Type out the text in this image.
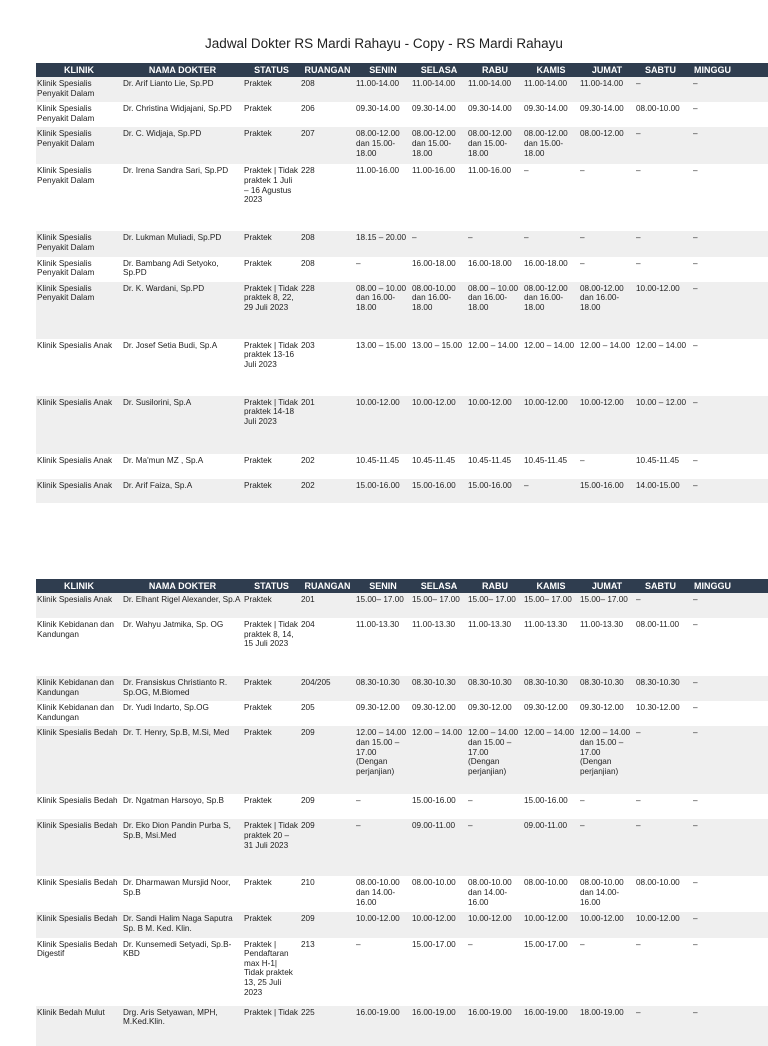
Jadwal Dokter RS Mardi Rahayu - Copy - RS Mardi Rahayu
KLINIK	NAMA DOKTER	STATUS	RUANGAN	SENIN	SELASA	RABU	KAMIS	JUMAT	SABTU	MINGGU
Klinik Spesialis Penyakit Dalam	Dr. Arif Lianto Lie, Sp.PD	Praktek	208	11.00-14.00	11.00-14.00	11.00-14.00	11.00-14.00	11.00-14.00	–	–
Klinik Spesialis Penyakit Dalam	Dr. Christina Widjajani, Sp.PD	Praktek	206	09.30-14.00	09.30-14.00	09.30-14.00	09.30-14.00	09.30-14.00	08.00-10.00	–
Klinik Spesialis Penyakit Dalam	Dr. C. Widjaja, Sp.PD	Praktek	207	08.00-12.00 dan 15.00-18.00	08.00-12.00 dan 15.00-18.00	08.00-12.00 dan 15.00-18.00	08.00-12.00 dan 15.00-18.00	08.00-12.00	–	–
Klinik Spesialis Penyakit Dalam	Dr. Irena Sandra Sari, Sp.PD	Praktek | Tidak praktek 1 Juli – 16 Agustus 2023	228	11.00-16.00	11.00-16.00	11.00-16.00	–	–	–	–
Klinik Spesialis Penyakit Dalam	Dr. Lukman Muliadi, Sp.PD	Praktek	208	18.15 – 20.00	–	–	–	–	–	–
Klinik Spesialis Penyakit Dalam	Dr. Bambang Adi Setyoko, Sp.PD	Praktek	208	–	16.00-18.00	16.00-18.00	16.00-18.00	–	–	–
Klinik Spesialis Penyakit Dalam	Dr. K. Wardani, Sp.PD	Praktek | Tidak praktek 8, 22, 29 Juli 2023	228	08.00 – 10.00 dan 16.00-18.00	08.00-10.00 dan 16.00-18.00	08.00 – 10.00 dan 16.00-18.00	08.00-12.00 dan 16.00-18.00	08.00-12.00 dan 16.00-18.00	10.00-12.00	–
Klinik Spesialis Anak	Dr. Josef Setia Budi, Sp.A	Praktek | Tidak praktek 13-16 Juli 2023	203	13.00 – 15.00	13.00 – 15.00	12.00 – 14.00	12.00 – 14.00	12.00 – 14.00	12.00 – 14.00	–
Klinik Spesialis Anak	Dr. Susilorini, Sp.A	Praktek | Tidak praktek 14-18 Juli 2023	201	10.00-12.00	10.00-12.00	10.00-12.00	10.00-12.00	10.00-12.00	10.00 – 12.00	–
Klinik Spesialis Anak	Dr. Ma'mun MZ , Sp.A	Praktek	202	10.45-11.45	10.45-11.45	10.45-11.45	10.45-11.45	–	10.45-11.45	–
Klinik Spesialis Anak	Dr. Arif Faiza, Sp.A	Praktek	202	15.00-16.00	15.00-16.00	15.00-16.00	–	15.00-16.00	14.00-15.00	–
KLINIK	NAMA DOKTER	STATUS	RUANGAN	SENIN	SELASA	RABU	KAMIS	JUMAT	SABTU	MINGGU
Klinik Spesialis Anak	Dr. Elhant Rigel Alexander, Sp.A	Praktek	201	15.00– 17.00	15.00– 17.00	15.00– 17.00	15.00– 17.00	15.00– 17.00	–	–
Klinik Kebidanan dan Kandungan	Dr. Wahyu Jatmika, Sp. OG	Praktek | Tidak praktek 8, 14, 15 Juli 2023	204	11.00-13.30	11.00-13.30	11.00-13.30	11.00-13.30	11.00-13.30	08.00-11.00	–
Klinik Kebidanan dan Kandungan	Dr. Fransiskus Christianto R. Sp.OG, M.Biomed	Praktek	204/205	08.30-10.30	08.30-10.30	08.30-10.30	08.30-10.30	08.30-10.30	08.30-10.30	–
Klinik Kebidanan dan Kandungan	Dr. Yudi Indarto, Sp.OG	Praktek	205	09.30-12.00	09.30-12.00	09.30-12.00	09.30-12.00	09.30-12.00	10.30-12.00	–
Klinik Spesialis Bedah	Dr. T. Henry, Sp.B, M.Si, Med	Praktek	209	12.00 – 14.00 dan 15.00 – 17.00 (Dengan perjanjian)	12.00 – 14.00	12.00 – 14.00 dan 15.00 – 17.00 (Dengan perjanjian)	12.00 – 14.00	12.00 – 14.00 dan 15.00 – 17.00 (Dengan perjanjian)	–	–
Klinik Spesialis Bedah	Dr. Ngatman Harsoyo, Sp.B	Praktek	209	–	15.00-16.00	–	15.00-16.00	–	–	–
Klinik Spesialis Bedah	Dr. Eko Dion Pandin Purba S, Sp.B, Msi.Med	Praktek | Tidak praktek 20 – 31 Juli 2023	209	–	09.00-11.00	–	09.00-11.00	–	–	–
Klinik Spesialis Bedah	Dr. Dharmawan Mursjid Noor, Sp.B	Praktek	210	08.00-10.00 dan 14.00-16.00	08.00-10.00	08.00-10.00 dan 14.00-16.00	08.00-10.00	08.00-10.00 dan 14.00-16.00	08.00-10.00	–
Klinik Spesialis Bedah	Dr. Sandi Halim Naga Saputra Sp. B M. Ked. Klin.	Praktek	209	10.00-12.00	10.00-12.00	10.00-12.00	10.00-12.00	10.00-12.00	10.00-12.00	–
Klinik Spesialis Bedah Digestif	Dr. Kunsemedi Setyadi, Sp.B-KBD	Praktek | Pendaftaran max H-1| Tidak praktek 13, 25 Juli 2023	213	–	15.00-17.00	–	15.00-17.00	–	–	–
Klinik Bedah Mulut	Drg. Aris Setyawan, MPH, M.Ked.Klin.	Praktek | Tidak	225	16.00-19.00	16.00-19.00	16.00-19.00	16.00-19.00	18.00-19.00	–	–
